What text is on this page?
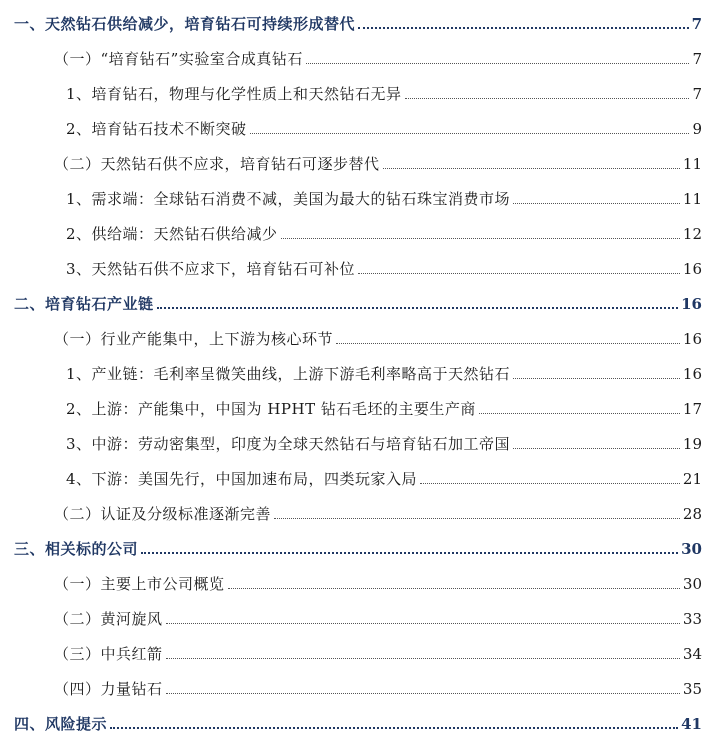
一、天然钻石供给减少，培育钻石可持续形成替代	7
（一）“培育钻石”实验室合成真钻石	7
1、培育钻石，物理与化学性质上和天然钻石无异	7
2、培育钻石技术不断突破	9
（二）天然钻石供不应求，培育钻石可逐步替代	11
1、需求端：全球钻石消费不减，美国为最大的钻石珠宝消费市场	11
2、供给端：天然钻石供给减少	12
3、天然钻石供不应求下，培育钻石可补位	16
二、培育钻石产业链	16
（一）行业产能集中，上下游为核心环节	16
1、产业链：毛利率呈微笑曲线，上游下游毛利率略高于天然钻石	16
2、上游：产能集中，中国为 HPHT 钻石毛坯的主要生产商	17
3、中游：劳动密集型，印度为全球天然钻石与培育钻石加工帝国	19
4、下游：美国先行，中国加速布局，四类玩家入局	21
（二）认证及分级标准逐渐完善	28
三、相关标的公司	30
（一）主要上市公司概览	30
（二）黄河旋风	33
（三）中兵红箭	34
（四）力量钻石	35
四、风险提示	41
